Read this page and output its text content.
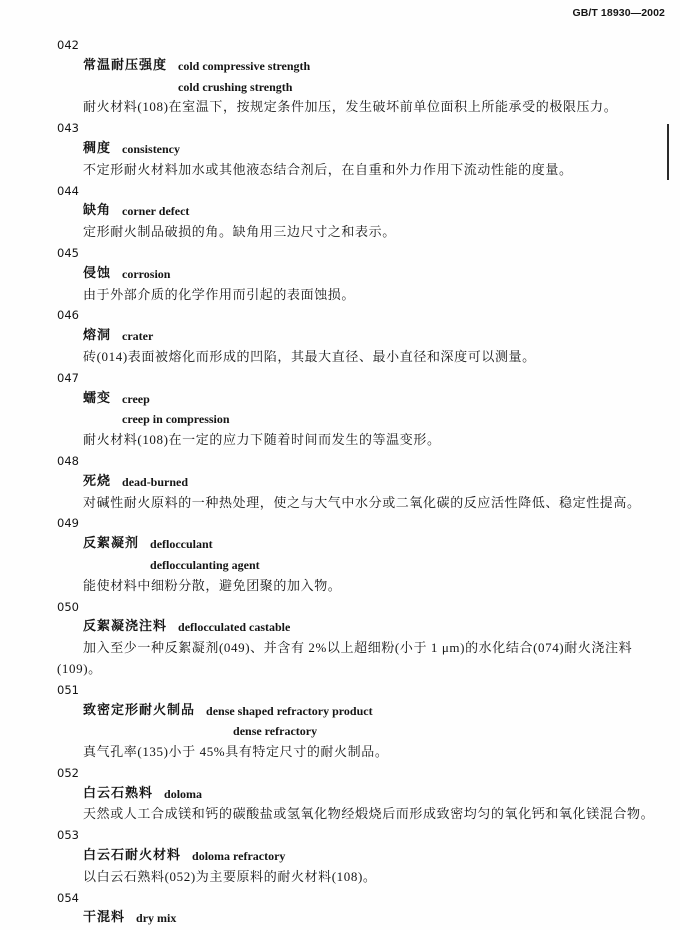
GB/T 18930—2002
042
常温耐压强度 cold compressive strength
cold crushing strength
耐火材料(108)在室温下，按规定条件加压，发生破坏前单位面积上所能承受的极限压力。
043
稠度 consistency
不定形耐火材料加水或其他液态结合剂后，在自重和外力作用下流动性能的度量。
044
缺角 corner defect
定形耐火制品破损的角。缺角用三边尺寸之和表示。
045
侵蚀 corrosion
由于外部介质的化学作用而引起的表面蚀损。
046
熔洞 crater
砖(014)表面被熔化而形成的凹陷，其最大直径、最小直径和深度可以测量。
047
蠕变 creep
creep in compression
耐火材料(108)在一定的应力下随着时间而发生的等温变形。
048
死烧 dead-burned
对碱性耐火原料的一种热处理，使之与大气中水分或二氧化碳的反应活性降低、稳定性提高。
049
反絮凝剂 deflocculant
deflocculanting agent
能使材料中细粉分散，避免团聚的加入物。
050
反絮凝浇注料 deflocculated castable
加入至少一种反絮凝剂(049)、并含有 2%以上超细粉(小于 1 μm)的水化结合(074)耐火浇注料
(109)。
051
致密定形耐火制品 dense shaped refractory product
dense refractory
真气孔率(135)小于 45%具有特定尺寸的耐火制品。
052
白云石熟料 doloma
天然或人工合成镁和钙的碳酸盐或氢氧化物经煅烧后而形成致密均匀的氧化钙和氧化镁混合物。
053
白云石耐火材料 doloma refractory
以白云石熟料(052)为主要原料的耐火材料(108)。
054
干混料 dry mix
